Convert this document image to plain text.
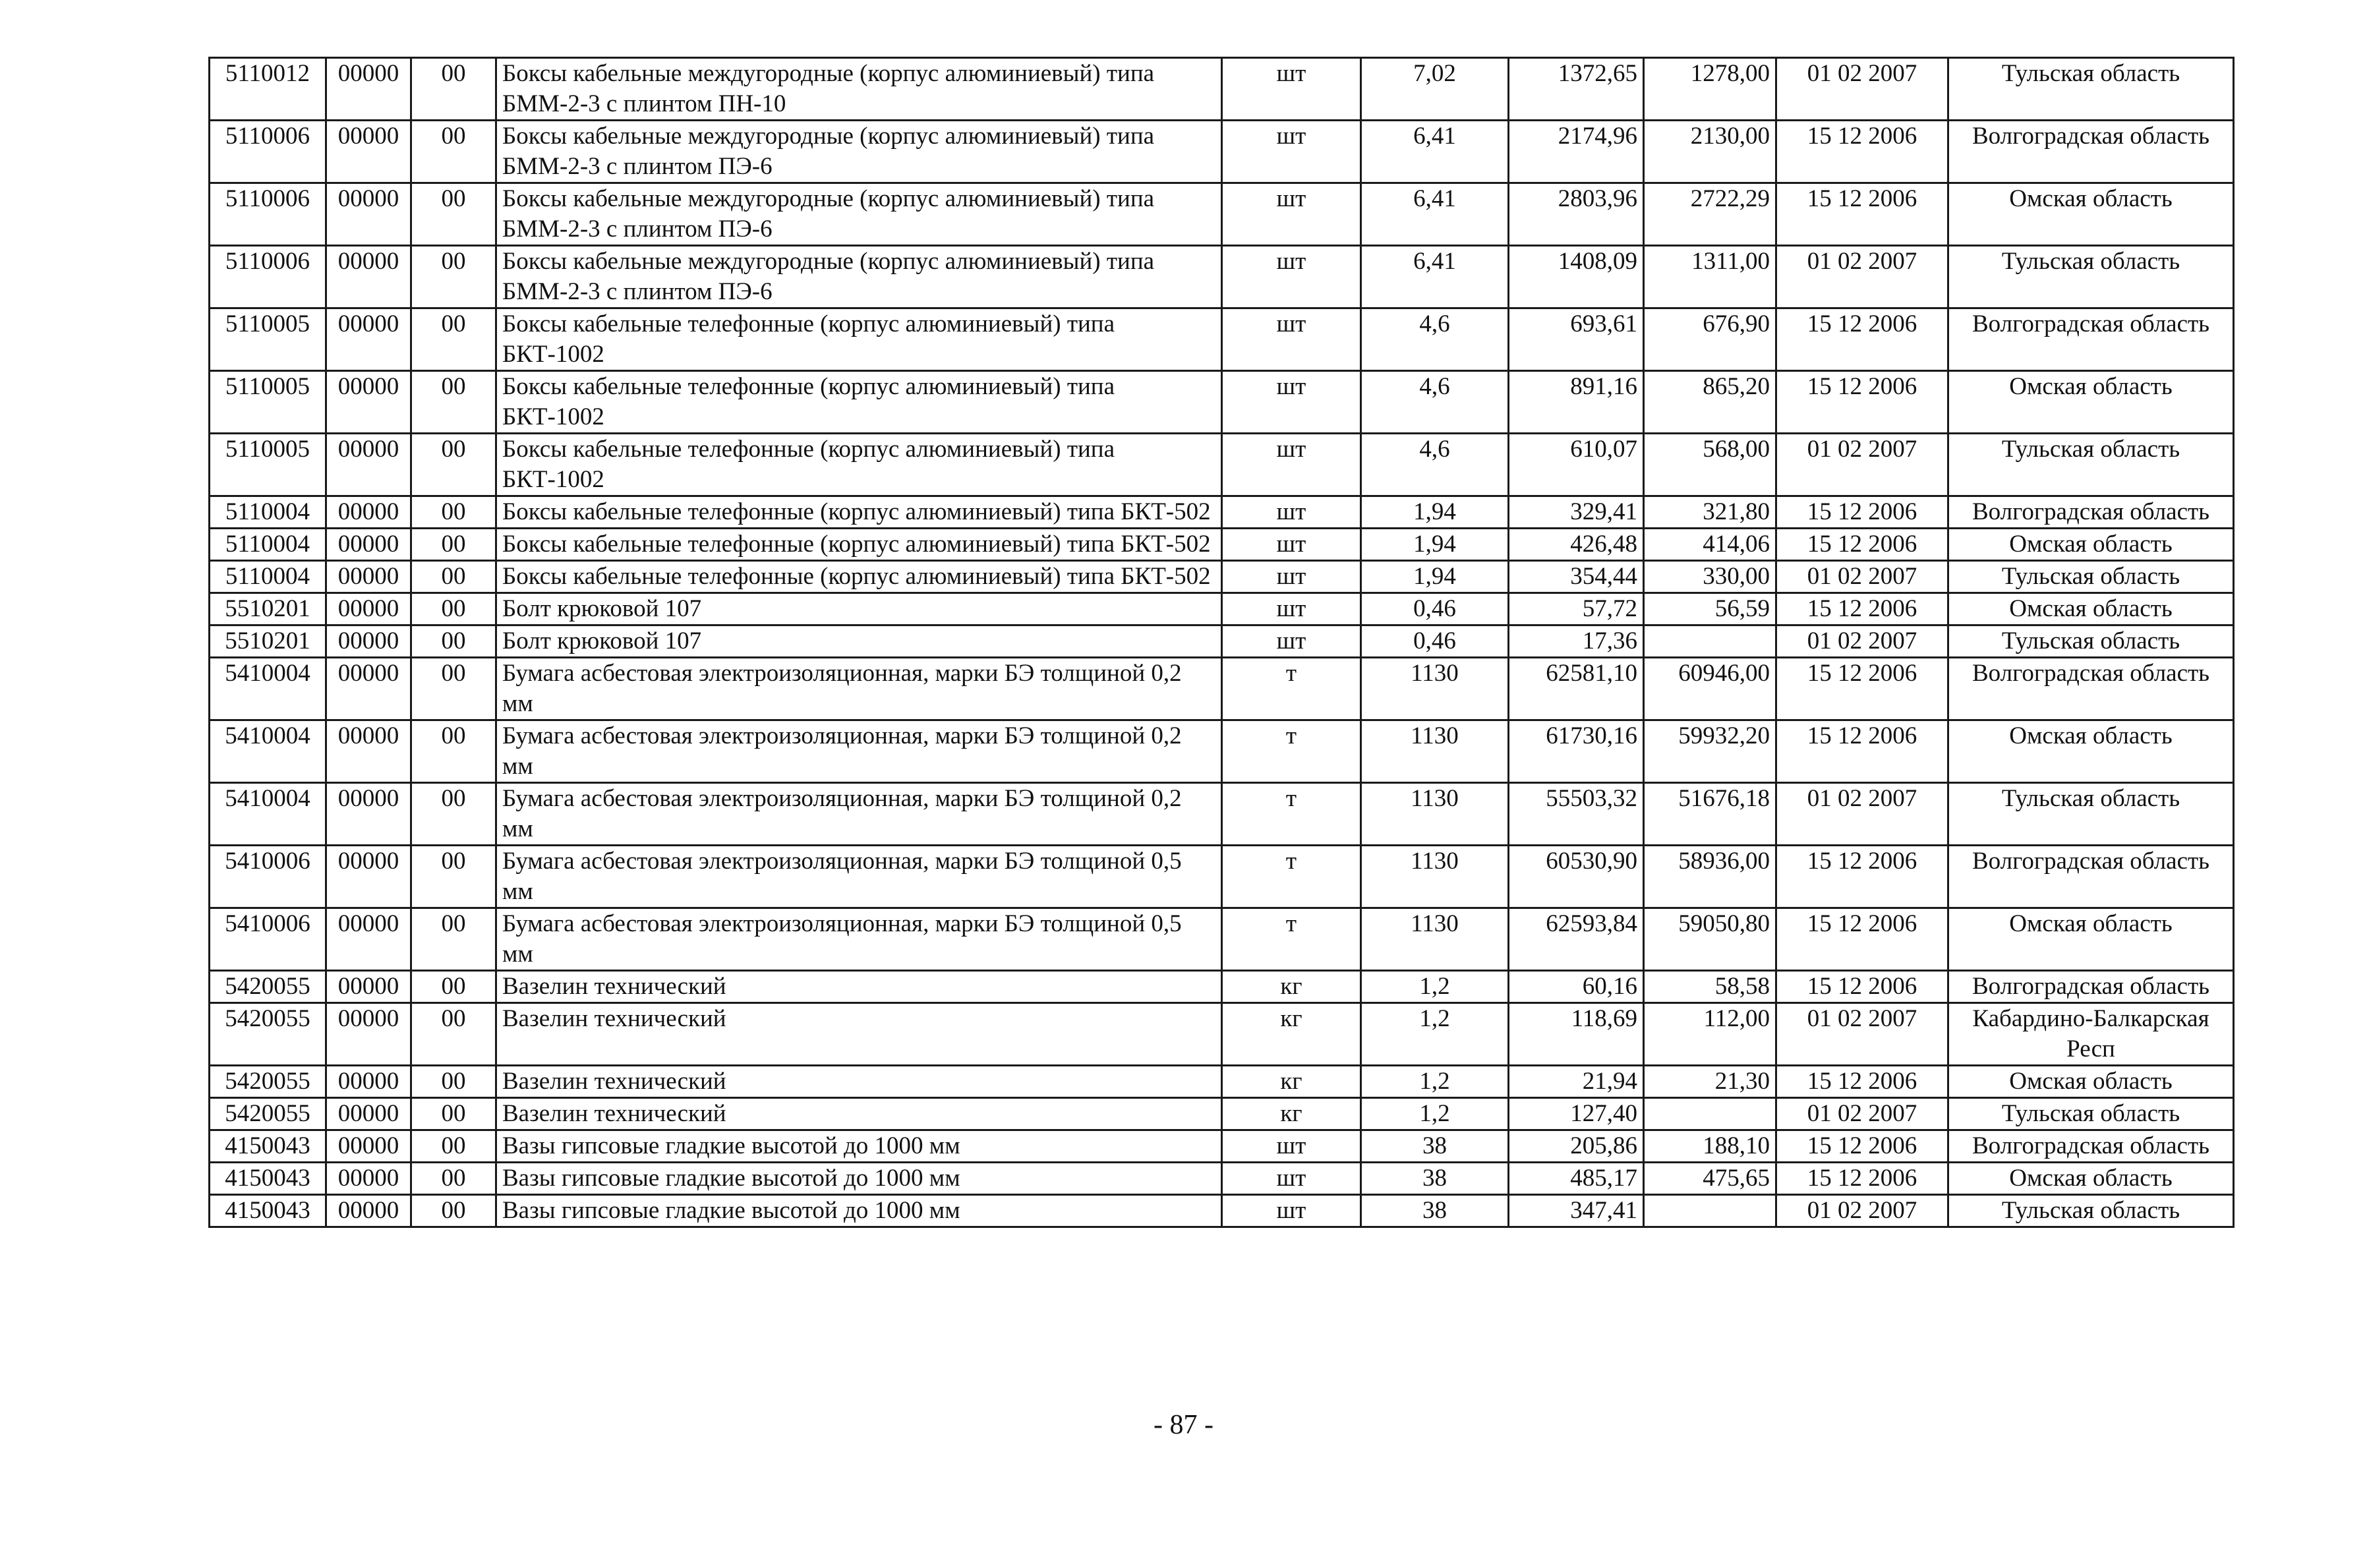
5110012	00000	00	Боксы кабельные междугородные (корпус алюминиевый) типа БММ-2-3 с плинтом ПН-10	шт	7,02	1372,65	1278,00	01 02 2007	Тульская область
5110006	00000	00	Боксы кабельные междугородные (корпус алюминиевый) типа БММ-2-3 с плинтом ПЭ-6	шт	6,41	2174,96	2130,00	15 12 2006	Волгоградская область
5110006	00000	00	Боксы кабельные междугородные (корпус алюминиевый) типа БММ-2-3 с плинтом ПЭ-6	шт	6,41	2803,96	2722,29	15 12 2006	Омская область
5110006	00000	00	Боксы кабельные междугородные (корпус алюминиевый) типа БММ-2-3 с плинтом ПЭ-6	шт	6,41	1408,09	1311,00	01 02 2007	Тульская область
5110005	00000	00	Боксы кабельные телефонные (корпус алюминиевый) типа БКТ-1002	шт	4,6	693,61	676,90	15 12 2006	Волгоградская область
5110005	00000	00	Боксы кабельные телефонные (корпус алюминиевый) типа БКТ-1002	шт	4,6	891,16	865,20	15 12 2006	Омская область
5110005	00000	00	Боксы кабельные телефонные (корпус алюминиевый) типа БКТ-1002	шт	4,6	610,07	568,00	01 02 2007	Тульская область
5110004	00000	00	Боксы кабельные телефонные (корпус алюминиевый) типа БКТ-502	шт	1,94	329,41	321,80	15 12 2006	Волгоградская область
5110004	00000	00	Боксы кабельные телефонные (корпус алюминиевый) типа БКТ-502	шт	1,94	426,48	414,06	15 12 2006	Омская область
5110004	00000	00	Боксы кабельные телефонные (корпус алюминиевый) типа БКТ-502	шт	1,94	354,44	330,00	01 02 2007	Тульская область
5510201	00000	00	Болт крюковой 107	шт	0,46	57,72	56,59	15 12 2006	Омская область
5510201	00000	00	Болт крюковой 107	шт	0,46	17,36		01 02 2007	Тульская область
5410004	00000	00	Бумага асбестовая электроизоляционная, марки БЭ толщиной 0,2 мм	т	1130	62581,10	60946,00	15 12 2006	Волгоградская область
5410004	00000	00	Бумага асбестовая электроизоляционная, марки БЭ толщиной 0,2 мм	т	1130	61730,16	59932,20	15 12 2006	Омская область
5410004	00000	00	Бумага асбестовая электроизоляционная, марки БЭ толщиной 0,2 мм	т	1130	55503,32	51676,18	01 02 2007	Тульская область
5410006	00000	00	Бумага асбестовая электроизоляционная, марки БЭ толщиной 0,5 мм	т	1130	60530,90	58936,00	15 12 2006	Волгоградская область
5410006	00000	00	Бумага асбестовая электроизоляционная, марки БЭ толщиной 0,5 мм	т	1130	62593,84	59050,80	15 12 2006	Омская область
5420055	00000	00	Вазелин технический	кг	1,2	60,16	58,58	15 12 2006	Волгоградская область
5420055	00000	00	Вазелин технический	кг	1,2	118,69	112,00	01 02 2007	Кабардино-Балкарская Респ
5420055	00000	00	Вазелин технический	кг	1,2	21,94	21,30	15 12 2006	Омская область
5420055	00000	00	Вазелин технический	кг	1,2	127,40		01 02 2007	Тульская область
4150043	00000	00	Вазы гипсовые гладкие высотой до 1000 мм	шт	38	205,86	188,10	15 12 2006	Волгоградская область
4150043	00000	00	Вазы гипсовые гладкие высотой до 1000 мм	шт	38	485,17	475,65	15 12 2006	Омская область
4150043	00000	00	Вазы гипсовые гладкие высотой до 1000 мм	шт	38	347,41		01 02 2007	Тульская область
- 87 -
